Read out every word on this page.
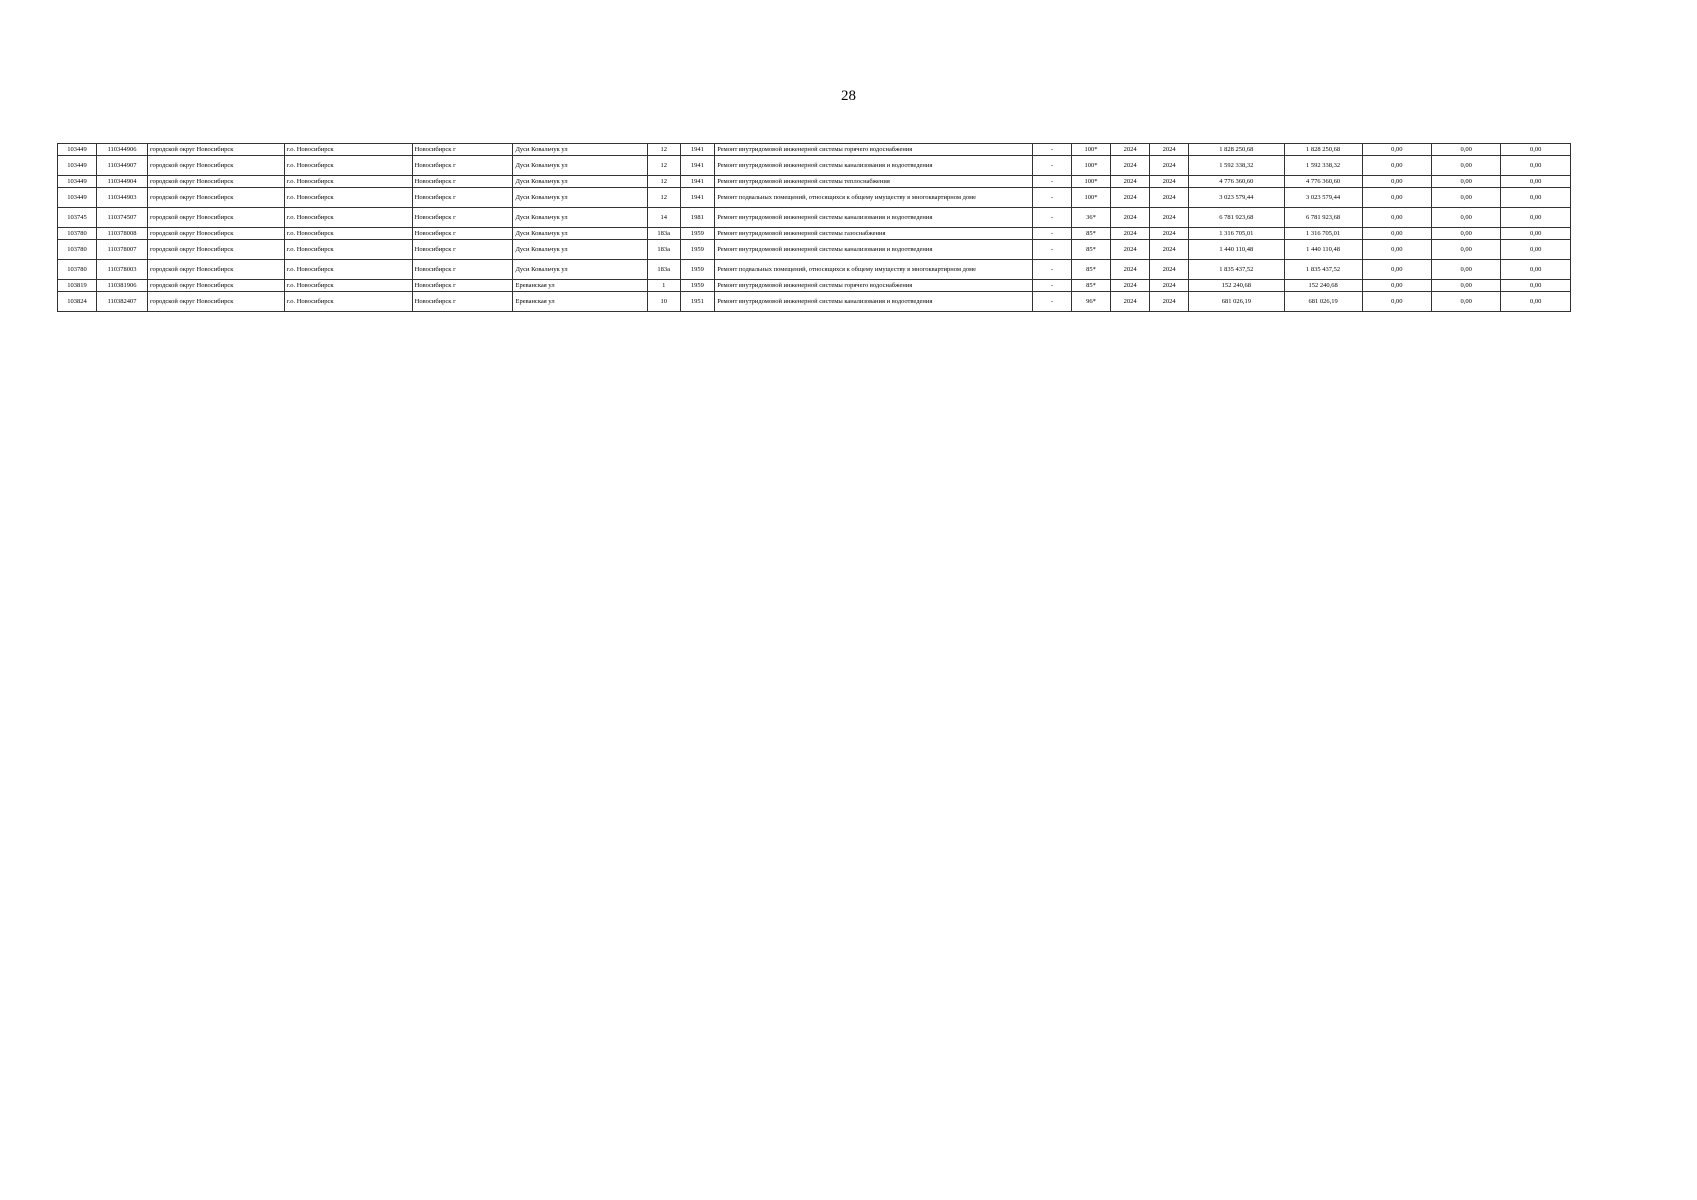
28
103449	110344906	городской округ Новосибирск	г.о. Новосибирск	Новосибирск г	Дуси Ковальчук ул	12	1941	Ремонт внутридомовой инженерной системы горячего водоснабжения	-	100*	2024	2024	1 828 250,68	1 828 250,68	0,00	0,00	0,00
103449	110344907	городской округ Новосибирск	г.о. Новосибирск	Новосибирск г	Дуси Ковальчук ул	12	1941	Ремонт внутридомовой инженерной системы канализования и водоотведения	-	100*	2024	2024	1 592 338,32	1 592 338,32	0,00	0,00	0,00
103449	110344904	городской округ Новосибирск	г.о. Новосибирск	Новосибирск г	Дуси Ковальчук ул	12	1941	Ремонт внутридомовой инженерной системы теплоснабжения	-	100*	2024	2024	4 776 360,60	4 776 360,60	0,00	0,00	0,00
103449	110344903	городской округ Новосибирск	г.о. Новосибирск	Новосибирск г	Дуси Ковальчук ул	12	1941	Ремонт подвальных помещений, относящихся к общему имуществу в многоквартирном доме	-	100*	2024	2024	3 023 579,44	3 023 579,44	0,00	0,00	0,00
103745	110374507	городской округ Новосибирск	г.о. Новосибирск	Новосибирск г	Дуси Ковальчук ул	14	1981	Ремонт внутридомовой инженерной системы канализования и водоотведения	-	36*	2024	2024	6 781 923,68	6 781 923,68	0,00	0,00	0,00
103780	110378008	городской округ Новосибирск	г.о. Новосибирск	Новосибирск г	Дуси Ковальчук ул	183а	1959	Ремонт внутридомовой инженерной системы газоснабжения	-	85*	2024	2024	1 316 705,01	1 316 705,01	0,00	0,00	0,00
103780	110378007	городской округ Новосибирск	г.о. Новосибирск	Новосибирск г	Дуси Ковальчук ул	183а	1959	Ремонт внутридомовой инженерной системы канализования и водоотведения	-	85*	2024	2024	1 440 110,48	1 440 110,48	0,00	0,00	0,00
103780	110378003	городской округ Новосибирск	г.о. Новосибирск	Новосибирск г	Дуси Ковальчук ул	183а	1959	Ремонт подвальных помещений, относящихся к общему имуществу в многоквартирном доме	-	85*	2024	2024	1 835 437,52	1 835 437,52	0,00	0,00	0,00
103819	110381906	городской округ Новосибирск	г.о. Новосибирск	Новосибирск г	Ереванская ул	1	1959	Ремонт внутридомовой инженерной системы горячего водоснабжения	-	85*	2024	2024	152 240,68	152 240,68	0,00	0,00	0,00
103824	110382407	городской округ Новосибирск	г.о. Новосибирск	Новосибирск г	Ереванская ул	10	1951	Ремонт внутридомовой инженерной системы канализования и водоотведения	-	96*	2024	2024	681 026,19	681 026,19	0,00	0,00	0,00
